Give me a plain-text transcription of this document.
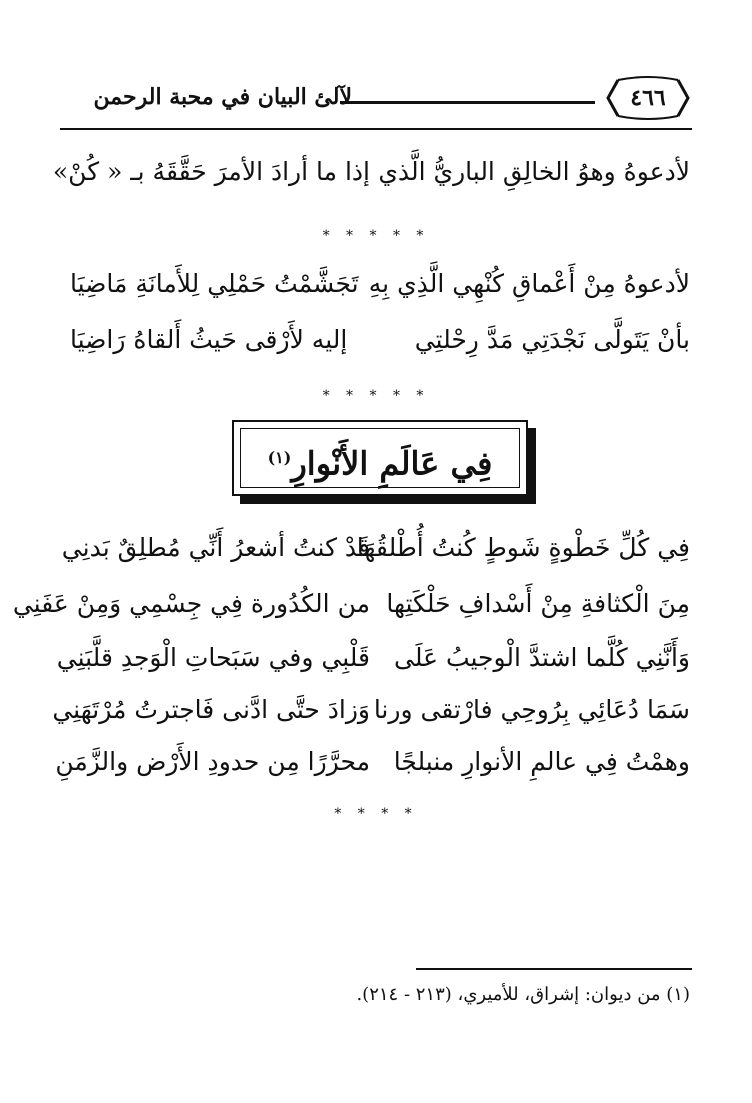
٤٦٦
لآلئ البيان في محبة الرحمن
لأدعوهُ وهوُ الخالِقِ الباريُّ الَّذي
إذا ما أرادَ الأمرَ حَقَّقَهُ بـ « كُنْ»
* * * * *
لأدعوهُ مِنْ أَعْماقِ كُنْهِي الَّذِي بِهِ
تَجَشَّمْتُ حَمْلِي لِلأَمانَةِ مَاضِيَا
بأنْ يَتَولَّى نَجْدَتِي مَدَّ رِحْلتِي
إليه لأَرْقى حَيثُ أَلقاهُ رَاضِيَا
* * * * *
فِي عَالَمِ الأَنْوارِ$^{(١)}$
فِي كُلِّ خَطْوةٍ شَوطٍ كُنتُ أُطْلقُهَا
قَدْ كنتُ أشعرُ أَنِّي مُطلِقٌ بَدنِي
مِنَ الْكثافةِ مِنْ أَسْدافِ حَلْكَتِها
من الكُدُورة فِي جِسْمِي وَمِنْ عَفَنِي
وَأَنَّنِي كُلَّما اشتدَّ الْوجيبُ عَلَى
قَلْبِي وفي سَبَحاتِ الْوَجدِ قلَّبَنِي
سَمَا دُعَائِي بِرُوحِي فارْتقى ورنا
وَزادَ حتَّى ادَّنى فَاجترتُ مُرْتَهَنِي
وهمْتُ فِي عالمِ الأنوارِ منبلجًا
محرَّرًا مِن حدودِ الأَرْض والزَّمَنِ
* * * *
(١) من ديوان: إشراق، للأميري، (٢١٣ - ٢١٤).
